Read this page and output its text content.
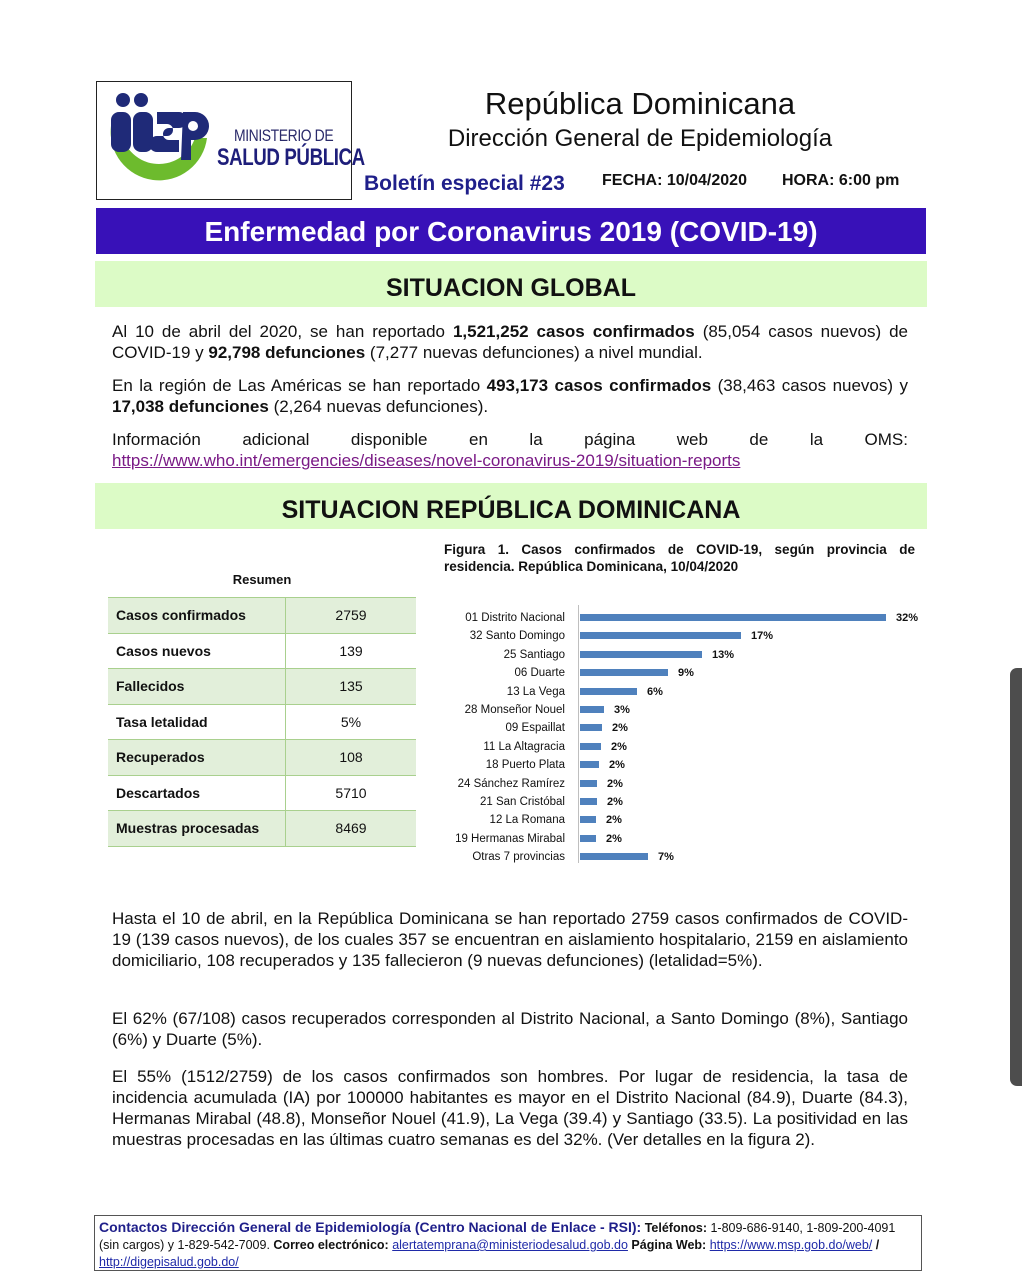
MINISTERIO DE
SALUD PÚBLICA
República Dominicana
Dirección General de Epidemiología
Boletín especial #23 FECHA: 10/04/2020 HORA: 6:00 pm
Enfermedad por Coronavirus 2019 (COVID-19)
SITUACION GLOBAL
Al 10 de abril del 2020, se han reportado 1,521,252 casos confirmados (85,054 casos nuevos) de COVID-19 y 92,798 defunciones (7,277 nuevas defunciones) a nivel mundial.
En la región de Las Américas se han reportado 493,173 casos confirmados (38,463 casos nuevos) y 17,038 defunciones (2,264 nuevas defunciones).
Información adicional disponible en la página web de la OMS: https://www.who.int/emergencies/diseases/novel-coronavirus-2019/situation-reports
SITUACION REPÚBLICA DOMINICANA
Resumen
Casos confirmados	2759
Casos nuevos	139
Fallecidos	135
Tasa letalidad	5%
Recuperados	108
Descartados	5710
Muestras procesadas	8469
Figura 1. Casos confirmados de COVID-19, según provincia de residencia. República Dominicana, 10/04/2020
01 Distrito Nacional	32%
32 Santo Domingo	17%
25 Santiago	13%
06 Duarte	9%
13 La Vega	6%
28 Monseñor Nouel	3%
09 Espaillat	2%
11 La Altagracia	2%
18 Puerto Plata	2%
24 Sánchez Ramírez	2%
21 San Cristóbal	2%
12 La Romana	2%
19 Hermanas Mirabal	2%
Otras 7 provincias	7%
Hasta el 10 de abril, en la República Dominicana se han reportado 2759 casos confirmados de COVID-19 (139 casos nuevos), de los cuales 357 se encuentran en aislamiento hospitalario, 2159 en aislamiento domiciliario, 108 recuperados y 135 fallecieron (9 nuevas defunciones) (letalidad=5%).
El 62% (67/108) casos recuperados corresponden al Distrito Nacional, a Santo Domingo (8%), Santiago (6%) y Duarte (5%).
El 55% (1512/2759) de los casos confirmados son hombres. Por lugar de residencia, la tasa de incidencia acumulada (IA) por 100000 habitantes es mayor en el Distrito Nacional (84.9), Duarte (84.3), Hermanas Mirabal (48.8), Monseñor Nouel (41.9), La Vega (39.4) y Santiago (33.5). La positividad en las muestras procesadas en las últimas cuatro semanas es del 32%. (Ver detalles en la figura 2).
Contactos Dirección General de Epidemiología (Centro Nacional de Enlace - RSI): Teléfonos: 1-809-686-9140, 1-809-200-4091 (sin cargos) y 1-829-542-7009. Correo electrónico: alertatemprana@ministeriodesalud.gob.do Página Web: https://www.msp.gob.do/web/ / http://digepisalud.gob.do/
